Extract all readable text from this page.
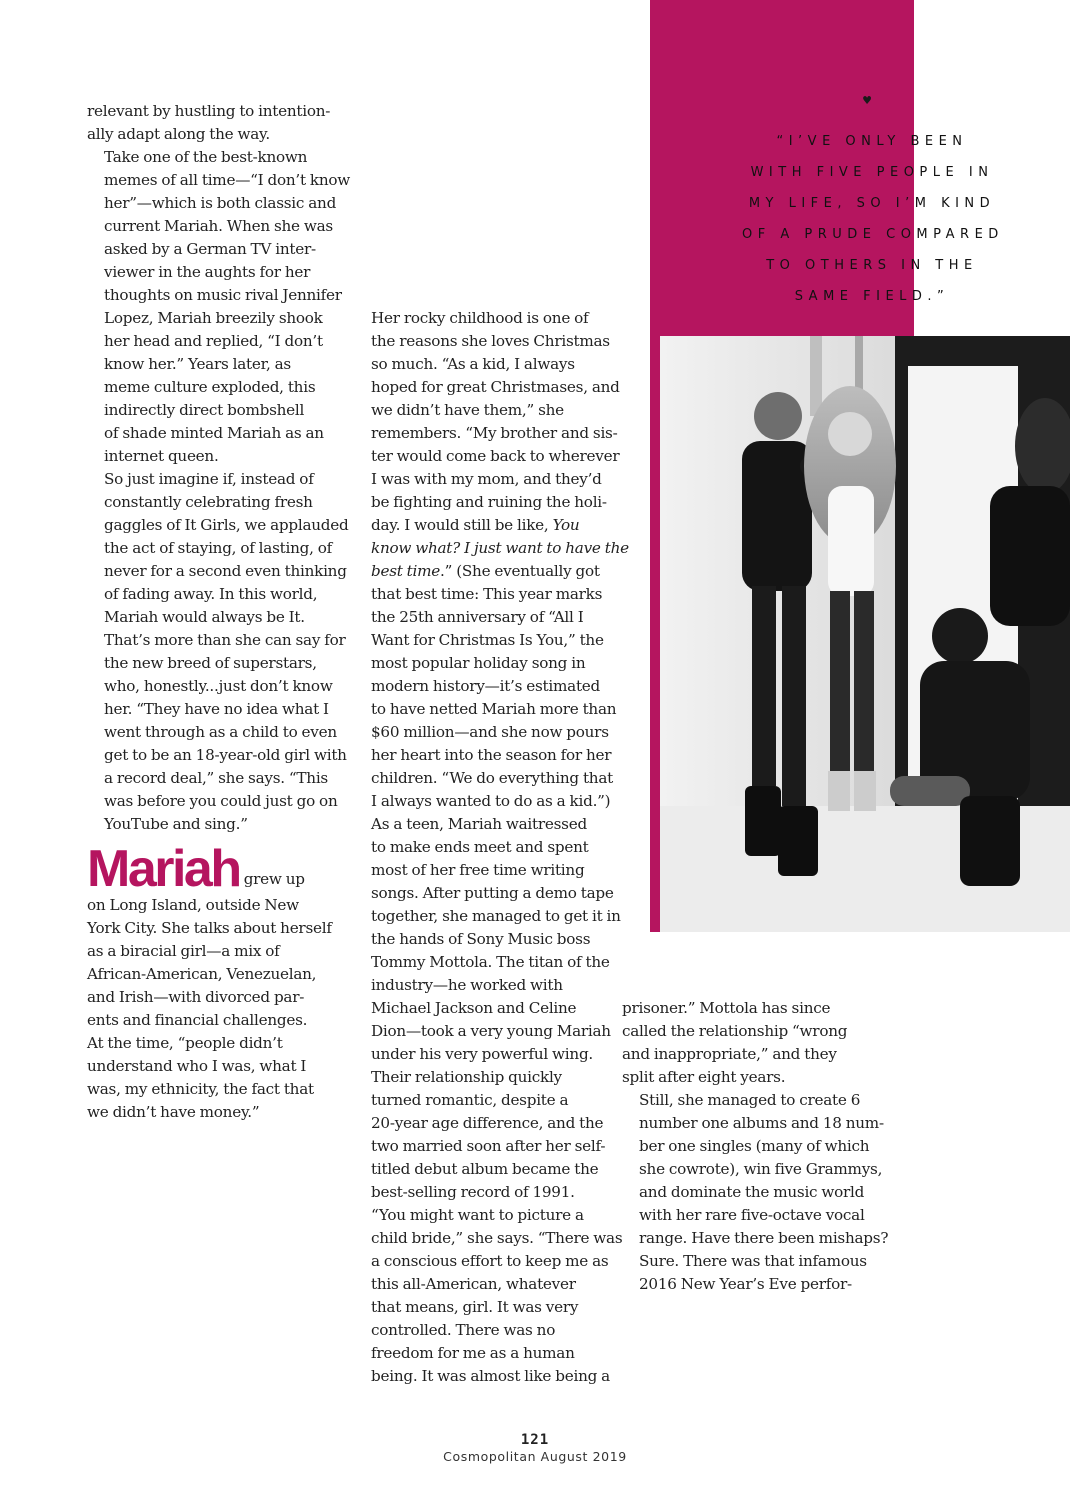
relevant by hustling to intention-
ally adapt along the way.

Take one of the best-known
memes of all time—“I don’t know
her”—which is both classic and
current Mariah. When she was
asked by a German TV inter-
viewer in the aughts for her
thoughts on music rival Jennifer
Lopez, Mariah breezily shook
her head and replied, “I don’t
know her.” Years later, as
meme culture exploded, this
indirectly direct bombshell
of shade minted Mariah as an
internet queen.

So just imagine if, instead of
constantly celebrating fresh
gaggles of It Girls, we applauded
the act of staying, of lasting, of
never for a second even thinking
of fading away. In this world,
Mariah would always be It.
That’s more than she can say for
the new breed of superstars,
who, honestly...just don’t know
her. “They have no idea what I
went through as a child to even
get to be an 18-year-old girl with
a record deal,” she says. “This
was before you could just go on
YouTube and sing.”

Mariah grew up
on Long Island, outside New
York City. She talks about herself
as a biracial girl—a mix of
African-American, Venezuelan,
and Irish—with divorced par-
ents and financial challenges.
At the time, “people didn’t
understand who I was, what I
was, my ethnicity, the fact that
we didn’t have money.”

Her rocky childhood is one of
the reasons she loves Christmas
so much. “As a kid, I always
hoped for great Christmases, and
we didn’t have them,” she
remembers. “My brother and sis-
ter would come back to wherever
I was with my mom, and they’d
be fighting and ruining the holi-
day. I would still be like, You
know what? I just want to have the
best time.” (She eventually got
that best time: This year marks
the 25th anniversary of “All I
Want for Christmas Is You,” the
most popular holiday song in
modern history—it’s estimated
to have netted Mariah more than
$60 million—and she now pours
her heart into the season for her
children. “We do everything that
I always wanted to do as a kid.”)

As a teen, Mariah waitressed
to make ends meet and spent
most of her free time writing
songs. After putting a demo tape
together, she managed to get it in
the hands of Sony Music boss
Tommy Mottola. The titan of the
industry—he worked with
Michael Jackson and Celine
Dion—took a very young Mariah
under his very powerful wing.
Their relationship quickly
turned romantic, despite a
20-year age difference, and the
two married soon after her self-
titled debut album became the
best-selling record of 1991.

“You might want to picture a
child bride,” she says. “There was
a conscious effort to keep me as
this all-American, whatever
that means, girl. It was very
controlled. There was no
freedom for me as a human
being. It was almost like being a

prisoner.” Mottola has since
called the relationship “wrong
and inappropriate,” and they
split after eight years.

Still, she managed to create 6
number one albums and 18 num-
ber one singles (many of which
she cowrote), win five Grammys,
and dominate the music world
with her rare five-octave vocal
range. Have there been mishaps?
Sure. There was that infamous
2016 New Year’s Eve perfor-

♥
“I’VE ONLY BEEN
WITH FIVE PEOPLE IN
MY LIFE, SO I’M KIND
OF A PRUDE COMPARED
TO OTHERS IN THE
SAME FIELD.”
121
Cosmopolitan August 2019
